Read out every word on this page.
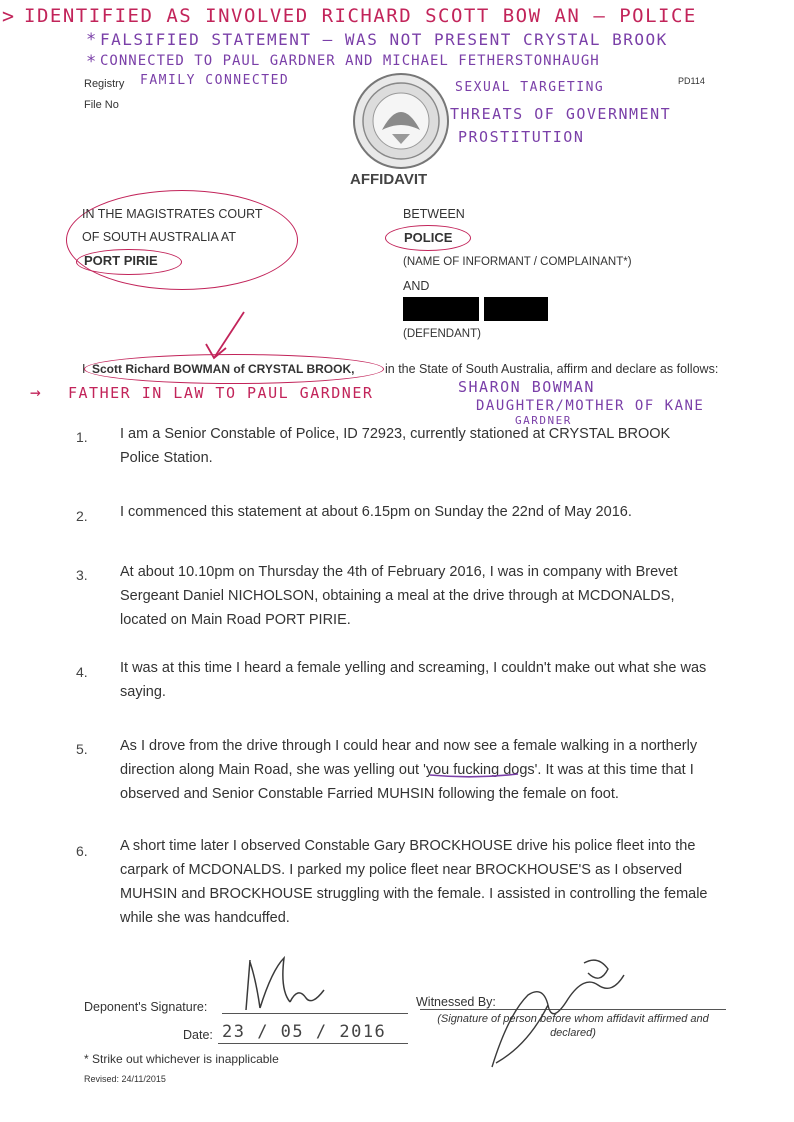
> IDENTIFIED AS INVOLVED RICHARD SCOTT BOW AN – POLICE
* FALSIFIED STATEMENT – WAS NOT PRESENT CRYSTAL BROOK
* CONNECTED TO PAUL GARDNER AND MICHAEL FETHERSTONHAUGH
Registry FAMILY CONNECTED
File No
PD114
SEXUAL TARGETING
THREATS OF GOVERNMENT
PROSTITUTION
AFFIDAVIT
IN THE MAGISTRATES COURT
OF SOUTH AUSTRALIA AT
PORT PIRIE
BETWEEN
POLICE
(NAME OF INFORMANT / COMPLAINANT*)
AND
(DEFENDANT)
I Scott Richard BOWMAN of CRYSTAL BROOK, in the State of South Australia, affirm and declare as follows:
→ FATHER IN LAW TO PAUL GARDNER	SHARON BOWMAN
DAUGHTER/MOTHER OF KANE
GARDNER
1. I am a Senior Constable of Police, ID 72923, currently stationed at CRYSTAL BROOK Police Station.
2. I commenced this statement at about 6.15pm on Sunday the 22nd of May 2016.
3. At about 10.10pm on Thursday the 4th of February 2016, I was in company with Brevet Sergeant Daniel NICHOLSON, obtaining a meal at the drive through at MCDONALDS, located on Main Road PORT PIRIE.
4. It was at this time I heard a female yelling and screaming, I couldn't make out what she was saying.
5. As I drove from the drive through I could hear and now see a female walking in a northerly direction along Main Road, she was yelling out 'you fucking dogs'. It was at this time that I observed and Senior Constable Farried MUHSIN following the female on foot.
6. A short time later I observed Constable Gary BROCKHOUSE drive his police fleet into the carpark of MCDONALDS. I parked my police fleet near BROCKHOUSE'S as I observed MUHSIN and BROCKHOUSE struggling with the female. I assisted in controlling the female while she was handcuffed.
Deponent's Signature:
Date: 23 / 05 / 2016
Witnessed By:
(Signature of person before whom affidavit affirmed and declared)
* Strike out whichever is inapplicable
Revised: 24/11/2015
